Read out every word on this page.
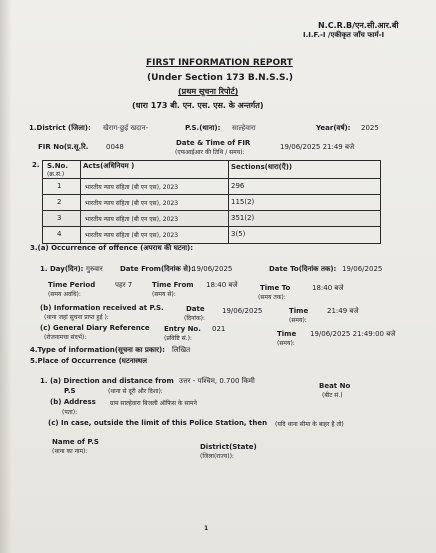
N.C.R.B/एन.सी.आर.बी
I.I.F.-I /एकीकृत जाँच फार्म-I
FIRST INFORMATION REPORT
(Under Section 173 B.N.S.S.)
(प्रथम सूचना रिपोर्ट)
(धारा 173 बी. एन. एस. एस. के अन्तर्गत)
1.District (जिला): खैराग-छुई खदान-	P.S.(थाना): साल्हेवारा	Year(वर्ष): 2025
FIR No(प्र.सू.रि.	0048	Date & Time of FIR
(एफआईआर की तिथि / समय):
19/06/2025 21:49 बजे
2. S.No.
(क्र.सं.)
Acts(अधिनियम )	Sections(धारा(एँ))
1	भारतीय न्याय संहिता (बी एन एस), 2023	296
2	भारतीय न्याय संहिता (बी एन एस), 2023	115(2)
3	भारतीय न्याय संहिता (बी एन एस), 2023	351(2)
4	भारतीय न्याय संहिता (बी एन एस), 2023	3(5)
3.(a) Occurrence of offence (अपराध की घटना):
1. Day(दिन): गुरुवार Date From(दिनांक से):
19/06/2025	Date To(दिनांक तक): 19/06/2025
Time Period
(समय अवधि):
पहर 7	Time From
(समय से):
18:40 बजे	Time To
(समय तक):
18:40 बजे
(b) Information received at P.S.
(थाना जहां सूचना प्राप्त हुई ):
Date
(दिनांक):
19/06/2025	Time
(समय):
21:49 बजे
(c) General Diary Reference
(रोजनामचा संदर्भ):
Entry No.
(प्रविष्टि सं.):
021
Time
(समय):
19/06/2025 21:49:00 बजे
4.Type of information(सूचना का प्रकार): लिखित
5.Place of Occurrence (घटनास्थल
1. (a) Direction and distance from उत्तर - पश्चिम, 0.700 किमी
P.S	(थाना से दूरी और दिशा):
Beat No
(बीट सं.)
(b) Address ग्राम साल्हेवारा बिजली ऑफिस के सामने
(पता):
(c) In case, outside the limit of this Police Station, then (यदि थाना सीमा के बाहर है तो)
Name of P.S
(थाना का नाम):
District(State)
(जिला(राज्य)):
1
